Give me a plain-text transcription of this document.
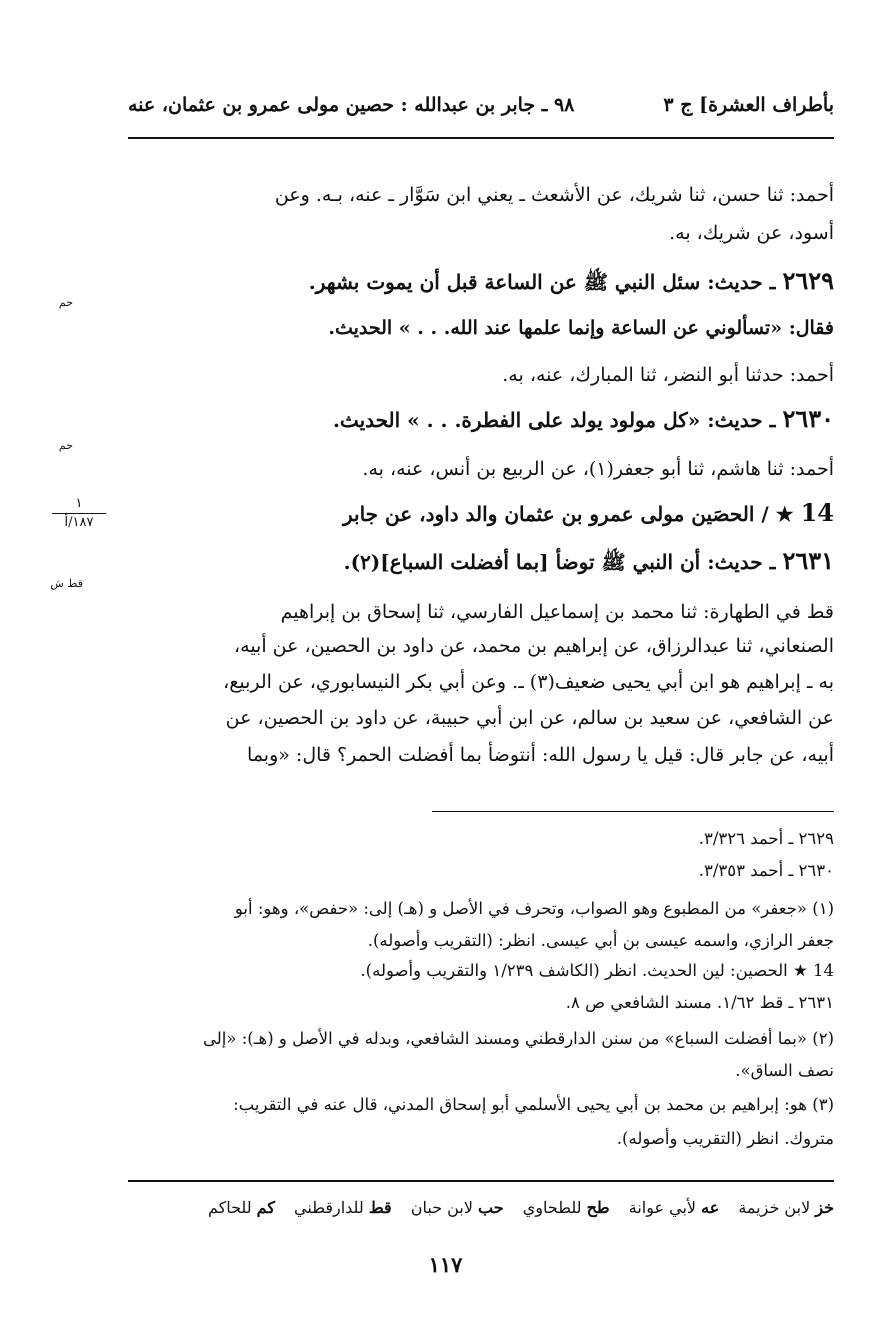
بأطراف العشرة] ج ٣
٩٨ ـ جابر بن عبدالله : حصين مولى عمرو بن عثمان، عنه
أحمد: ثنا حسن، ثنا شريك، عن الأشعث ـ يعني ابن سَوَّار ـ عنه، بـه. وعن
أسود، عن شريك، به.
٢٦٢٩ ـ حديث: سئل النبي ﷺ عن الساعة قبل أن يموت بشهر.
حم
فقال: «تسألوني عن الساعة وإنما علمها عند الله. . . » الحديث.
أحمد: حدثنا أبو النضر، ثنا المبارك، عنه، به.
٢٦٣٠ ـ حديث: «كل مولود يولد على الفطرة. . . » الحديث.
حم
أحمد: ثنا هاشم، ثنا أبو جعفر(١)، عن الربيع بن أنس، عنه، به.
14 ★ / الحصَين مولى عمرو بن عثمان والد داود، عن جابر
١
١٨٧/أ
٢٦٣١ ـ حديث: أن النبي ﷺ توضأ [بما أفضلت السباع](٢).
قط ش
قط في الطهارة: ثنا محمد بن إسماعيل الفارسي، ثنا إسحاق بن إبراهيم
الصنعاني، ثنا عبدالرزاق، عن إبراهيم بن محمد، عن داود بن الحصين، عن أبيه،
به ـ إبراهيم هو ابن أبي يحيى ضعيف(٣) ـ. وعن أبي بكر النيسابوري، عن الربيع،
عن الشافعي، عن سعيد بن سالم، عن ابن أبي حبيبة، عن داود بن الحصين، عن
أبيه، عن جابر قال: قيل يا رسول الله: أنتوضأ بما أفضلت الحمر؟ قال: «وبما
٢٦٢٩ ـ أحمد ٣/٣٢٦.
٢٦٣٠ ـ أحمد ٣/٣٥٣.
(١) «جعفر» من المطبوع وهو الصواب، وتحرف في الأصل و (هـ) إلى: «حفص»، وهو: أبو
جعفر الرازي، واسمه عيسى بن أبي عيسى. انظر: (التقريب وأصوله).
14 ★ الحصين: لين الحديث. انظر (الكاشف ١/٢٣٩ والتقريب وأصوله).
٢٦٣١ ـ قط ١/٦٢. مسند الشافعي ص ٨.
(٢) «بما أفضلت السباع» من سنن الدارقطني ومسند الشافعي، وبدله في الأصل و (هـ): «إلى
نصف الساق».
(٣) هو: إبراهيم بن محمد بن أبي يحيى الأسلمي أبو إسحاق المدني، قال عنه في التقريب:
متروك. انظر (التقريب وأصوله).
خز لابن خزيمة عه لأبي عوانة طح للطحاوي حب لابن حبان قط للدارقطني كم للحاكم
١١٧
